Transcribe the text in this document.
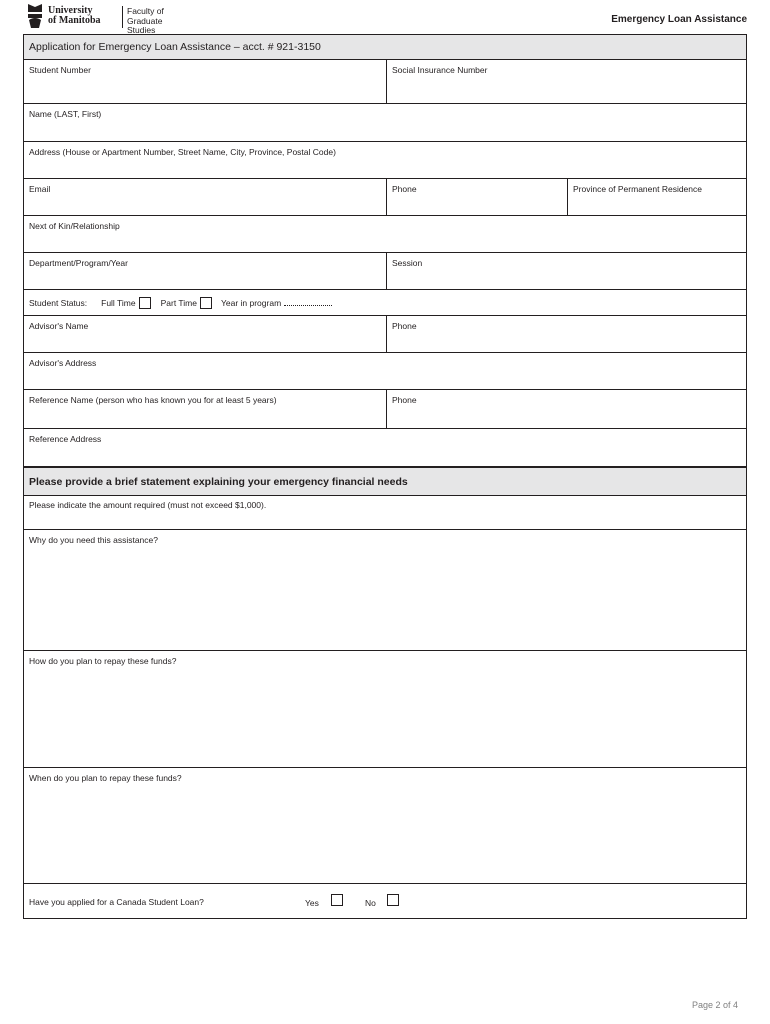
University
of Manitoba
Faculty of
Graduate Studies
Emergency Loan Assistance
Application for Emergency Loan Assistance – acct. # 921-3150
Student Number	Social Insurance Number
Name (LAST, First)
Address (House or Apartment Number, Street Name, City, Province, Postal Code)
Email	Phone	Province of Permanent Residence
Next of Kin/Relationship
Department/Program/Year	Session
Student Status: Full Time	Part Time	Year in program
Advisor's Name	Phone
Advisor's Address
Reference Name (person who has known you for at least 5 years)	Phone
Reference Address
Please provide a brief statement explaining your emergency financial needs
Please indicate the amount required (must not exceed $1,000).
Why do you need this assistance?
How do you plan to repay these funds?
When do you plan to repay these funds?
Have you applied for a Canada Student Loan?	Yes	No
Page 2 of 4
